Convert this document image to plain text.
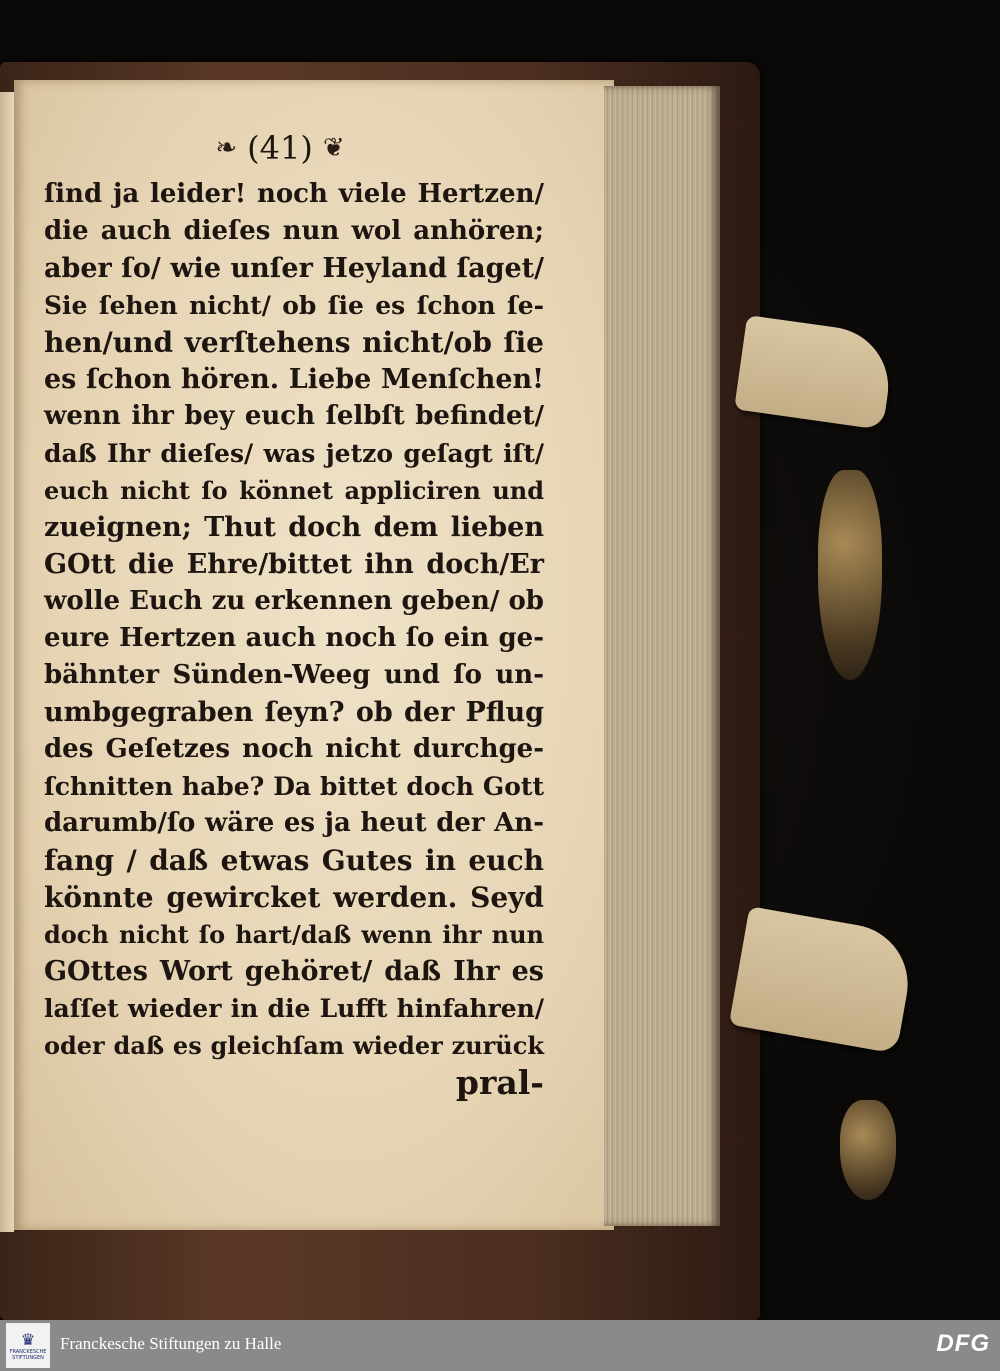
❧ (41) ❦
ſind ja leider! noch viele Hertzen/
die auch dieſes nun wol anhören;
aber ſo/ wie unſer Heyland ſaget/
Sie ſehen nicht/ ob ſie es ſchon ſe-
hen/und verſtehens nicht/ob ſie
es ſchon hören. Liebe Menſchen!
wenn ihr bey euch ſelbſt befindet/
daß Ihr dieſes/ was jetzo geſagt iſt/
euch nicht ſo könnet appliciren und
zueignen; Thut doch dem lieben
GOtt die Ehre/bittet ihn doch/Er
wolle Euch zu erkennen geben/ ob
eure Hertzen auch noch ſo ein ge-
bähnter Sünden-Weeg und ſo un-
umbgegraben ſeyn? ob der Pflug
des Geſetzes noch nicht durchge-
ſchnitten habe? Da bittet doch Gott
darumb/ſo wäre es ja heut der An-
fang / daß etwas Gutes in euch
könnte gewircket werden. Seyd
doch nicht ſo hart/daß wenn ihr nun
GOttes Wort gehöret/ daß Ihr es
laſſet wieder in die Lufft hinfahren/
oder daß es gleichſam wieder zurück
pral-
♛
FRANCKESCHE
STIFTUNGEN
Franckesche Stiftungen zu Halle	DFG
